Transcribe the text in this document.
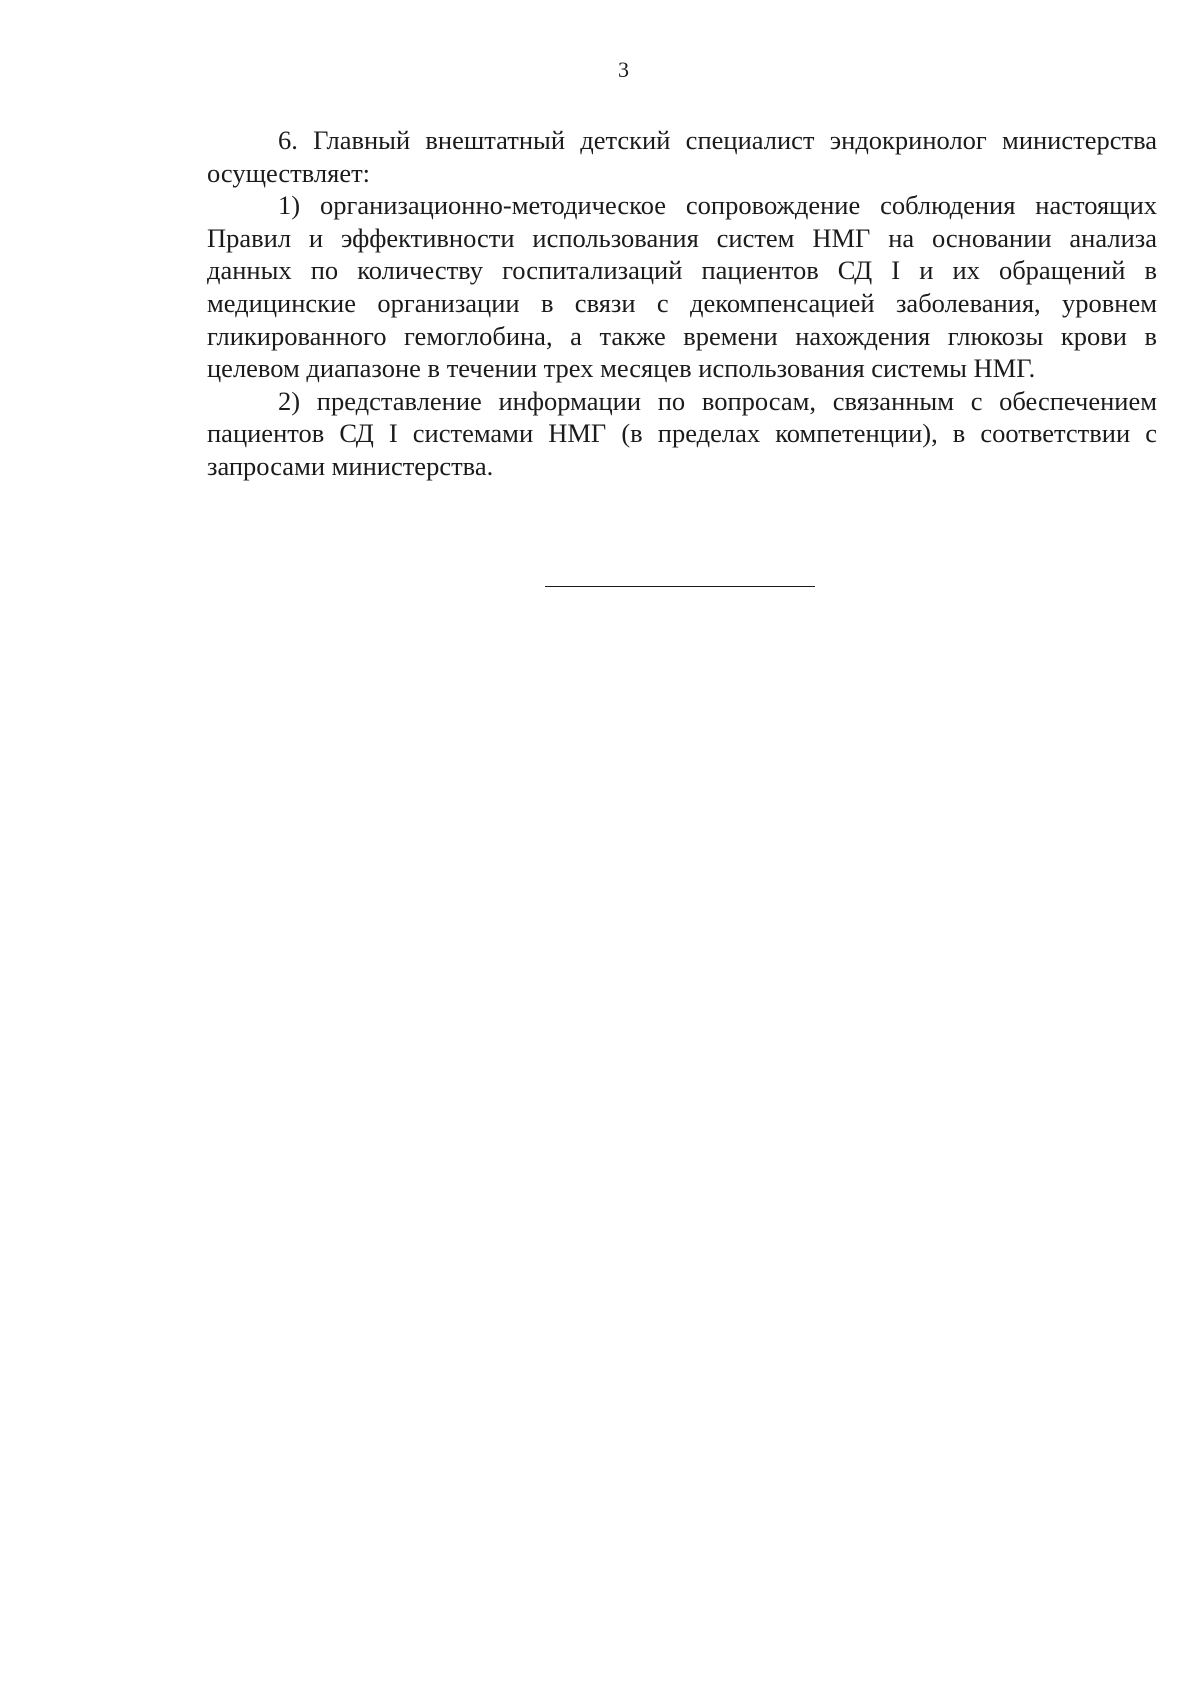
3

6. Главный внештатный детский специалист эндокринолог министерства осуществляет:

1) организационно-методическое сопровождение соблюдения настоящих Правил и эффективности использования систем НМГ на основании анализа данных по количеству госпитализаций пациентов СД I и их обращений в медицинские организации в связи с декомпенсацией заболевания, уровнем гликированного гемоглобина, а также времени нахождения глюкозы крови в целевом диапазоне в течении трех месяцев использования системы НМГ.

2) представление информации по вопросам, связанным с обеспечением пациентов СД I системами НМГ (в пределах компетенции), в соответствии с запросами министерства.
